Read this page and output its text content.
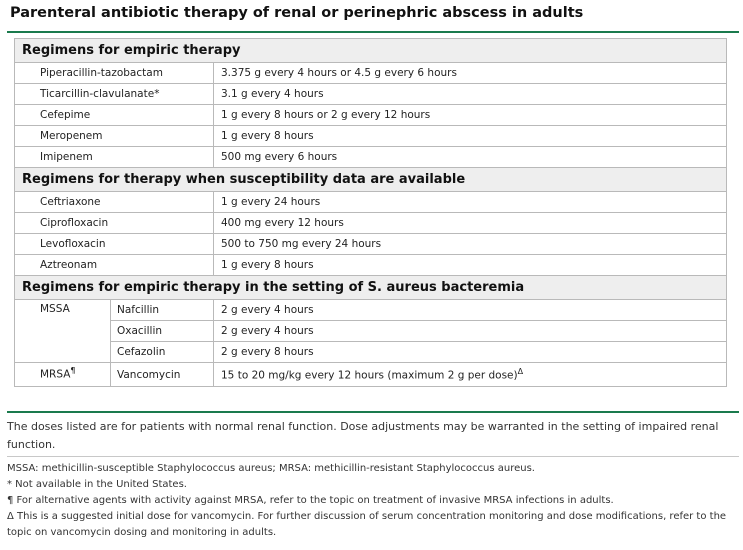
Parenteral antibiotic therapy of renal or perinephric abscess in adults
Regimens for empiric therapy		
Piperacillin-tazobactam		3.375 g every 4 hours or 4.5 g every 6 hours
Ticarcillin-clavulanate*		3.1 g every 4 hours
Cefepime		1 g every 8 hours or 2 g every 12 hours
Meropenem		1 g every 8 hours
Imipenem		500 mg every 6 hours
Regimens for therapy when susceptibility data are available		
Ceftriaxone		1 g every 24 hours
Ciprofloxacin		400 mg every 12 hours
Levofloxacin		500 to 750 mg every 24 hours
Aztreonam		1 g every 8 hours
Regimens for empiric therapy in the setting of S. aureus bacteremia		
MSSA	Nafcillin	2 g every 4 hours
	Oxacillin	2 g every 4 hours
	Cefazolin	2 g every 8 hours
MRSA¶	Vancomycin	15 to 20 mg/kg every 12 hours (maximum 2 g per dose)$^\Delta$
The doses listed are for patients with normal renal function. Dose adjustments may be warranted in the setting of impaired renal function.
MSSA: methicillin-susceptible Staphylococcus aureus; MRSA: methicillin-resistant Staphylococcus aureus.
* Not available in the United States.
¶ For alternative agents with activity against MRSA, refer to the topic on treatment of invasive MRSA infections in adults.
Δ This is a suggested initial dose for vancomycin. For further discussion of serum concentration monitoring and dose modifications, refer to the topic on vancomycin dosing and monitoring in adults.
